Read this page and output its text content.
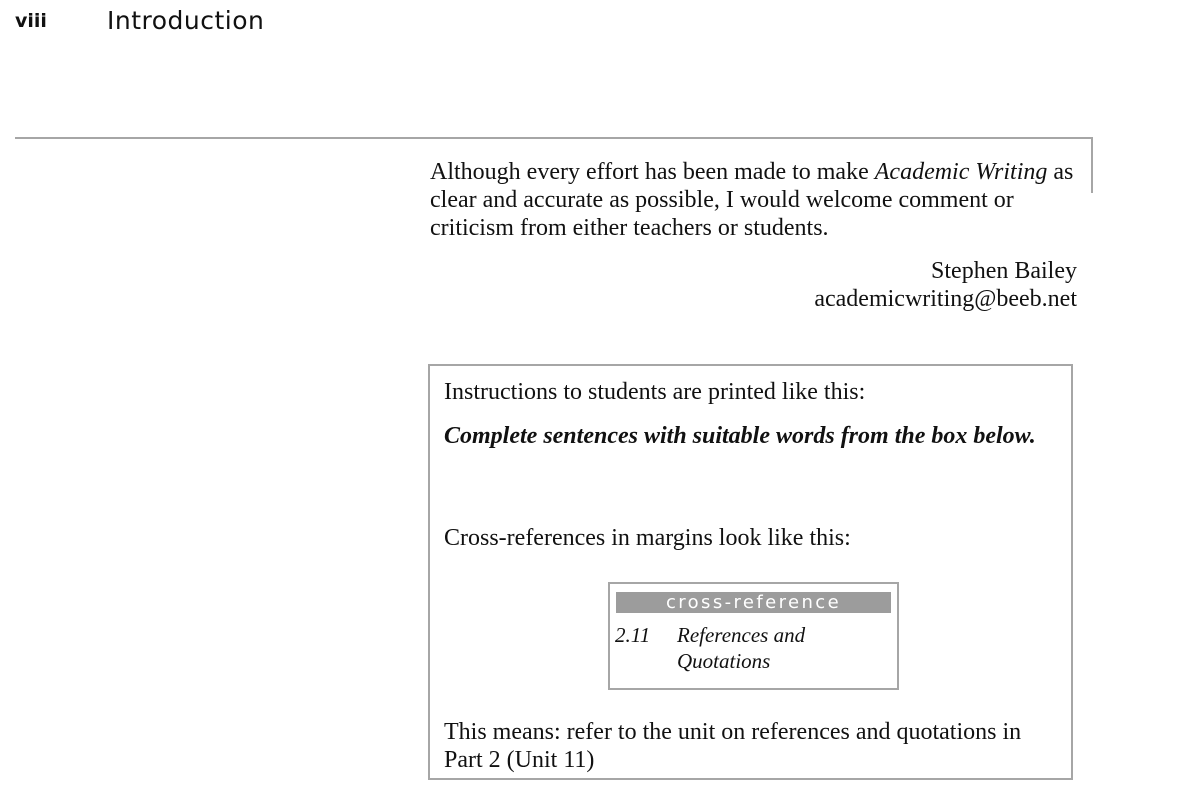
viii Introduction

Although every effort has been made to make Academic Writing as clear and accurate as possible, I would welcome comment or criticism from either teachers or students.

Stephen Bailey
academicwriting@beeb.net

Instructions to students are printed like this:

Complete sentences with suitable words from the box below.

Cross-references in margins look like this:

cross-reference
2.11 References and Quotations

This means: refer to the unit on references and quotations in Part 2 (Unit 11)
